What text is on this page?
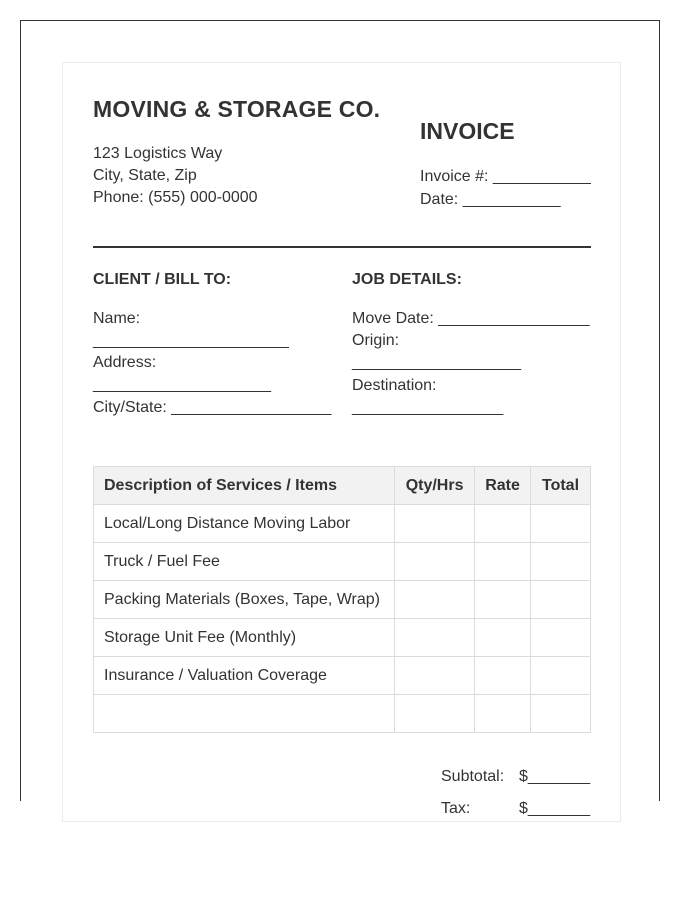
MOVING & STORAGE CO.
123 Logistics Way
City, State, Zip
Phone: (555) 000-0000
INVOICE
Invoice #: ___________
Date: ___________
CLIENT / BILL TO:
Name:
______________________
Address:
____________________
City/State: __________________
JOB DETAILS:
Move Date: _________________
Origin:
___________________
Destination:
_________________
Description of Services / Items	Qty/Hrs	Rate	Total
Local/Long Distance Moving Labor			
Truck / Fuel Fee			
Packing Materials (Boxes, Tape, Wrap)			
Storage Unit Fee (Monthly)			
Insurance / Valuation Coverage			

Subtotal: $_______
Tax:	$_______
